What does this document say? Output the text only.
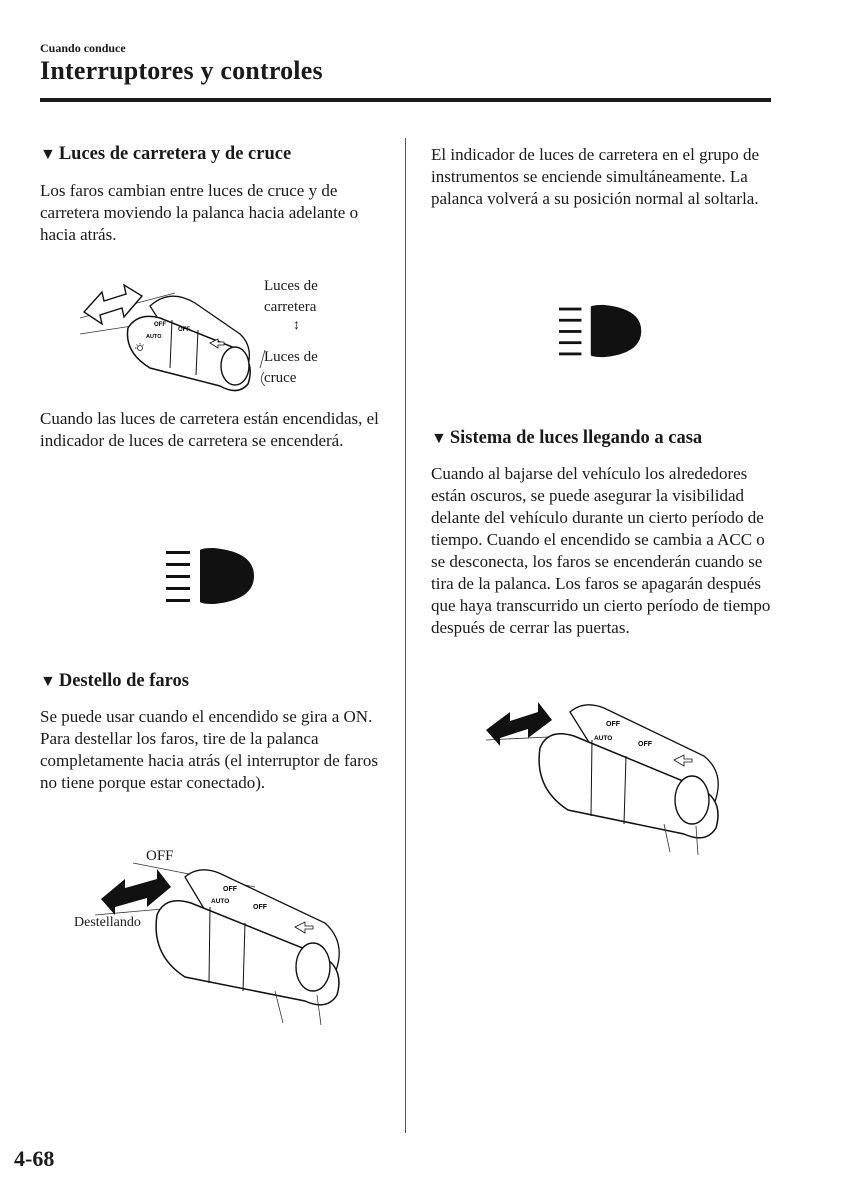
Cuando conduce
Interruptores y controles

▼ Luces de carretera y de cruce

Los faros cambian entre luces de cruce y de carretera moviendo la palanca hacia adelante o hacia atrás.

OFF
AUTO
OFF
Luces de carretera
↕
Luces de cruce

Cuando las luces de carretera están encendidas, el indicador de luces de carretera se encenderá.

▼ Destello de faros

Se puede usar cuando el encendido se gira a ON.

Para destellar los faros, tire de la palanca completamente hacia atrás (el interruptor de faros no tiene porque estar conectado).

OFF
AUTO
OFF
OFF
Destellando

El indicador de luces de carretera en el grupo de instrumentos se enciende simultáneamente. La palanca volverá a su posición normal al soltarla.

▼ Sistema de luces llegando a casa

Cuando al bajarse del vehículo los alrededores están oscuros, se puede asegurar la visibilidad delante del vehículo durante un cierto período de tiempo. Cuando el encendido se cambia a ACC o se desconecta, los faros se encenderán cuando se tira de la palanca. Los faros se apagarán después que haya transcurrido un cierto período de tiempo después de cerrar las puertas.

OFF
AUTO
OFF
4-68
